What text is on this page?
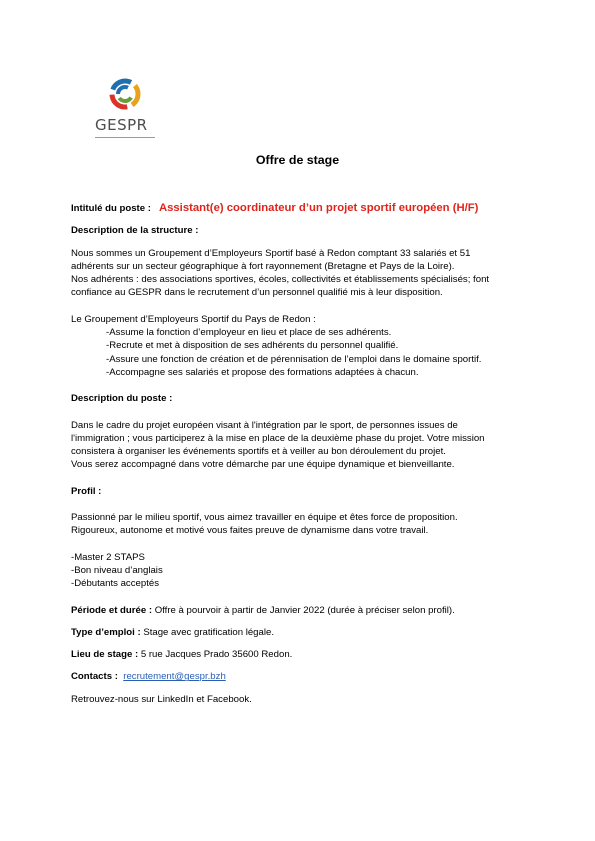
GESPR
Offre de stage

Intitulé du poste : Assistant(e) coordinateur d’un projet sportif européen (H/F)

Description de la structure :

Nous sommes un Groupement d’Employeurs Sportif basé à Redon comptant 33 salariés et 51

adhérents sur un secteur géographique à fort rayonnement (Bretagne et Pays de la Loire).

Nos adhérents : des associations sportives, écoles, collectivités et établissements spécialisés; font

confiance au GESPR dans le recrutement d’un personnel qualifié mis à leur disposition.

Le Groupement d’Employeurs Sportif du Pays de Redon :

-Assume la fonction d’employeur en lieu et place de ses adhérents.

-Recrute et met à disposition de ses adhérents du personnel qualifié.

-Assure une fonction de création et de pérennisation de l’emploi dans le domaine sportif.

-Accompagne ses salariés et propose des formations adaptées à chacun.

Description du poste :

Dans le cadre du projet européen visant à l'intégration par le sport, de personnes issues de

l'immigration ; vous participerez à la mise en place de la deuxième phase du projet. Votre mission

consistera à organiser les événements sportifs et à veiller au bon déroulement du projet.

Vous serez accompagné dans votre démarche par une équipe dynamique et bienveillante.

Profil :

Passionné par le milieu sportif, vous aimez travailler en équipe et êtes force de proposition.

Rigoureux, autonome et motivé vous faites preuve de dynamisme dans votre travail.

-Master 2 STAPS

-Bon niveau d’anglais

-Débutants acceptés

Période et durée : Offre à pourvoir à partir de Janvier 2022 (durée à préciser selon profil).

Type d’emploi : Stage avec gratification légale.

Lieu de stage : 5 rue Jacques Prado 35600 Redon.

Contacts : recrutement@gespr.bzh

Retrouvez-nous sur LinkedIn et Facebook.
